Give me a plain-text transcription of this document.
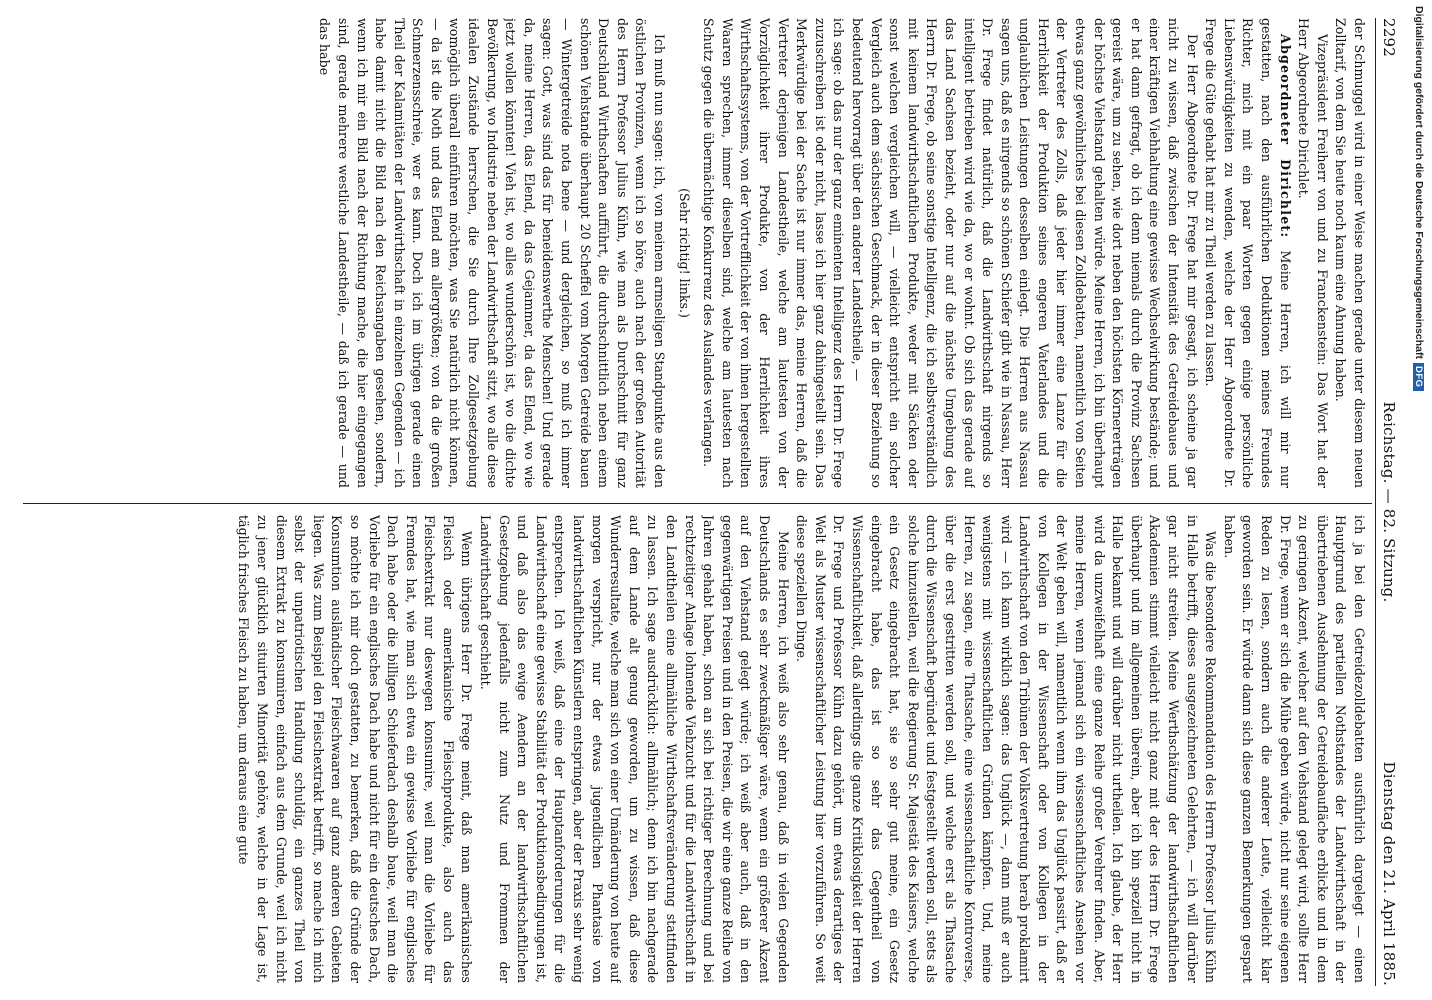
2292
Reichstag. — 82. Sitzung.
Dienstag den 21. April 1885.

der Schmuggel wird in einer Weise machen gerade unter diesem neuen Zolltarif, von dem Sie heute noch kaum eine Ahnung haben.

Vizepräsident Freiherr von und zu Franckenstein: Das Wort hat der Herr Abgeordnete Dirichlet.

Abgeordneter Dirichlet: Meine Herren, ich will mir nur gestatten, nach den ausführlichen Deduktionen meines Freundes Richter, mich mit ein paar Worten gegen einige persönliche Liebenswürdigkeiten zu wenden, welche der Herr Abgeordnete Dr. Frege die Güte gehabt hat mir zu Theil werden zu lassen.

Der Herr Abgeordnete Dr. Frege hat mir gesagt, ich scheine ja gar nicht zu wissen, daß zwischen der Intensität des Getreidebaues und einer kräftigen Viehhaltung eine gewisse Wechselwirkung bestände; und er hat dann gefragt, ob ich denn niemals durch die Provinz Sachsen gereist wäre, um zu sehen, wie dort neben den höchsten Körnererträgen der höchste Viehstand gehalten würde. Meine Herren, ich bin überhaupt etwas ganz gewöhnliches bei diesen Zolldebatten, namentlich von Seiten der Vertreter des Zolls, daß jeder hier immer eine Lanze für die Herrlichkeit der Produktion seines engeren Vaterlandes und die unglaublichen Leistungen desselben einlegt. Die Herren aus Nassau sagen uns, daß es nirgends so schönen Schiefer gibt wie in Nassau, Herr Dr. Frege findet natürlich, daß die Landwirthschaft nirgends so intelligent betrieben wird wie da, wo er wohnt. Ob sich das gerade auf das Land Sachsen bezieht, oder nur auf die nächste Umgebung des Herrn Dr. Frege, ob seine sonstige Intelligenz, die ich selbstverständlich mit keinem landwirthschaftlichen Produkte, weder mit Säcken oder sonst welchen vergleichen will, — vielleicht entspricht ein solcher Vergleich auch dem sächsischen Geschmack, der in dieser Beziehung so bedeutend hervorragt über den anderer Landestheile, —

ich sage: ob das nur der ganz eminenten Intelligenz des Herrn Dr. Frege zuzuschreiben ist oder nicht, lasse ich hier ganz dahingestellt sein. Das Merkwürdige bei der Sache ist nur immer das, meine Herren, daß die Vertreter derjenigen Landestheile, welche am lautesten von der Vorzüglichkeit ihrer Produkte, von der Herrlichkeit ihres Wirthschaftssystems, von der Vortrefflichkeit der von ihnen hergestellten Waaren sprechen, immer dieselben sind, welche am lautesten nach Schutz gegen die übermächtige Konkurrenz des Auslandes verlangen.

(Sehr richtig! links.)

Ich muß nun sagen: ich, von meinem armseligen Standpunkte aus den östlichen Provinzen, wenn ich so höre, auch nach der großen Autorität des Herrn Professor Julius Kühn, wie man als Durchschnitt für ganz Deutschland Wirthschaften aufführt, die durchschnittlich neben einem schönen Viehstande überhaupt 20 Scheffel vom Morgen Getreide bauen — Wintergetreide nota bene — und dergleichen, so muß ich immer sagen: Gott, was sind das für beneidenswerthe Menschen! Und gerade da, meine Herren, das Elend, da das Gejammer, da das Elend, wo wie jetzt wollen könnten! Vieh ist, wo alles wunderschön ist, wo die dichte Bevölkerung, wo Industrie neben der Landwirthschaft sitzt, wo alle diese idealen Zustände herrschen, die Sie durch Ihre Zollgesetzgebung womöglich überall einführen möchten, was Sie natürlich nicht können, — da ist die Noth und das Elend am allergrößten; von da die großen Schmerzensschreie, wer es kann. Doch ich im übrigen gerade einen Theil der Kalamitäten der Landwirthschaft in einzelnen Gegenden — ich habe damit nicht die Bild nach den Reichsangaben gesehen, sondern, wenn ich mir ein Bild nach der Richtung mache, die hier eingegangen sind, gerade mehrere westliche Landestheile, — daß ich gerade — und das habe

ich ja bei den Getreidezolldebatten ausführlich dargelegt — einen Hauptgrund des partiellen Nothstandes der Landwirthschaft in der übertriebenen Ausdehnung der Getreidebaufläche erblicke und in dem zu geringen Akzent, welcher auf den Viehstand gelegt wird, sollte Herr Dr. Frege, wenn er sich die Mühe geben würde, nicht nur seine eigenen Reden zu lesen, sondern auch die anderer Leute, vielleicht klar geworden sein. Er würde dann sich diese ganzen Bemerkungen gespart haben.

Was die besondere Rekommandation des Herrn Professor Julius Kühn in Halle betrifft, dieses ausgezeichneten Gelehrten, — ich will darüber gar nicht streiten. Meine Werthschätzung der landwirthschaftlichen Akademien stimmt vielleicht nicht ganz mit der des Herrn Dr. Frege überhaupt und im allgemeinen überein, aber ich bin speziell nicht in Halle bekannt und will darüber nicht urtheilen. Ich glaube, der Herr wird da unzweifelhaft eine ganze Reihe großer Verehrer finden. Aber, meine Herren, wenn jemand sich ein wissenschaftliches Ansehen vor der Welt geben will, namentlich wenn ihm das Unglück passirt, daß er von Kollegen in der Wissenschaft oder von Kollegen in der Landwirthschaft von den Tribünen der Volksvertretung herab proklamirt wird — ich kann wirklich sagen: das Unglück —, dann muß er auch wenigstens mit wissenschaftlichen Gründen kämpfen. Und, meine Herren, zu sagen, eine Thatsache, eine wissenschaftliche Kontroverse, über die erst gestritten werden soll, und welche erst als Thatsache durch die Wissenschaft begründet und festgestellt werden soll, stets als solche hinzustellen, weil die Regierung Sr. Majestät des Kaisers, welche ein Gesetz eingebracht hat, sie so sehr gut meine, ein Gesetz eingebracht habe, das ist so sehr das Gegentheil von Wissenschaftlichkeit, daß allerdings die ganze Kritiklosigkeit der Herren Dr. Frege und Professor Kühn dazu gehört, um etwas derartiges der Welt als Muster wissenschaftlicher Leistung hier vorzuführen. So weit diese speziellen Dinge.

Meine Herren, ich weiß also sehr genau, daß in vielen Gegenden Deutschlands es sehr zweckmäßiger wäre, wenn ein größerer Akzent auf den Viehstand gelegt würde; ich weiß aber auch, daß in den gegenwärtigen Preisen und in den Preisen, die wir eine ganze Reihe von Jahren gehabt haben, schon an sich bei richtiger Berechnung und bei rechtzeitiger Anlage lohnende Viehzucht und für die Landwirthschaft in den Landtheilen eine allmähliche Wirthschaftsveränderung stattfinden zu lassen. Ich sage ausdrücklich: allmählich; denn ich bin nachgerade auf dem Lande alt genug geworden, um zu wissen, daß diese Wunderresultate, welche man sich von einer Umänderung von heute auf morgen verspricht, nur der etwas jugendlichen Phantasie von landwirthschaftlichen Künstlern entspringen, aber der Praxis sehr wenig entsprechen. Ich weiß, daß eine der Hauptanforderungen für die Landwirthschaft eine gewisse Stabilität der Produktionsbedingungen ist, und daß also das ewige Aendern an der landwirthschaftlichen Gesetzgebung jedenfalls nicht zum Nutz und Frommen der Landwirthschaft geschieht.

Wenn übrigens Herr Dr. Frege meint, daß man amerikanisches Fleisch oder amerikanische Fleischprodukte, also auch das Fleischextrakt nur deswegen konsumire, weil man die Vorliebe für Fremdes hat, wie man sich etwa ein gewisse Vorliebe für englisches Dach habe oder die billigen Schieferdach deshalb baue, weil man die Vorliebe für ein englisches Dach habe und nicht für ein deutsches Dach, so möchte ich mir doch gestatten, zu bemerken, daß die Gründe der Konsumtion ausländischer Fleischwaaren auf ganz anderen Gebieten liegen. Was zum Beispiel den Fleischextrakt betrifft, so mache ich mich selbst der unpatriotischen Handlung schuldig, ein ganzes Theil von diesem Extrakt zu konsumiren, einfach aus dem Grunde, weil ich nicht zu jener glücklich situirten Minorität gehöre, welche in der Lage ist, täglich frisches Fleisch zu haben, um daraus eine gute

Digitalisierung gefördert durch die Deutsche Forschungsgemeinschaft
DFG
